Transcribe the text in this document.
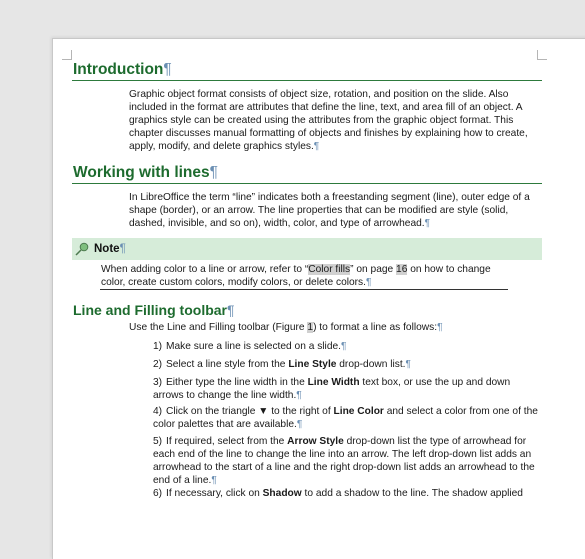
Introduction¶

Graphic object format consists of object size, rotation, and position on the slide. Also included in the format are attributes that define the line, text, and area fill of an object. A graphics style can be created using the attributes from the graphic object format. This chapter discusses manual formatting of objects and finishes by explaining how to create, apply, modify, and delete graphics styles.¶

Working with lines¶

In LibreOffice the term “line” indicates both a freestanding segment (line), outer edge of a shape (border), or an arrow. The line properties that can be modified are style (solid, dashed, invisible, and so on), width, color, and type of arrowhead.¶

Note¶

When adding color to a line or arrow, refer to “Color fills” on page 16 on how to change color, create custom colors, modify colors, or delete colors.¶

Line and Filling toolbar¶

Use the Line and Filling toolbar (Figure 1) to format a line as follows:¶

1) Make sure a line is selected on a slide.¶

2) Select a line style from the Line Style drop-down list.¶

3) Either type the line width in the Line Width text box, or use the up and down arrows to change the line width.¶

4) Click on the triangle ▼ to the right of Line Color and select a color from one of the color palettes that are available.¶

5) If required, select from the Arrow Style drop-down list the type of arrowhead for each end of the line to change the line into an arrow. The left drop-down list adds an arrowhead to the start of a line and the right drop-down list adds an arrowhead to the end of a line.¶

6) If necessary, click on Shadow to add a shadow to the line. The shadow applied
